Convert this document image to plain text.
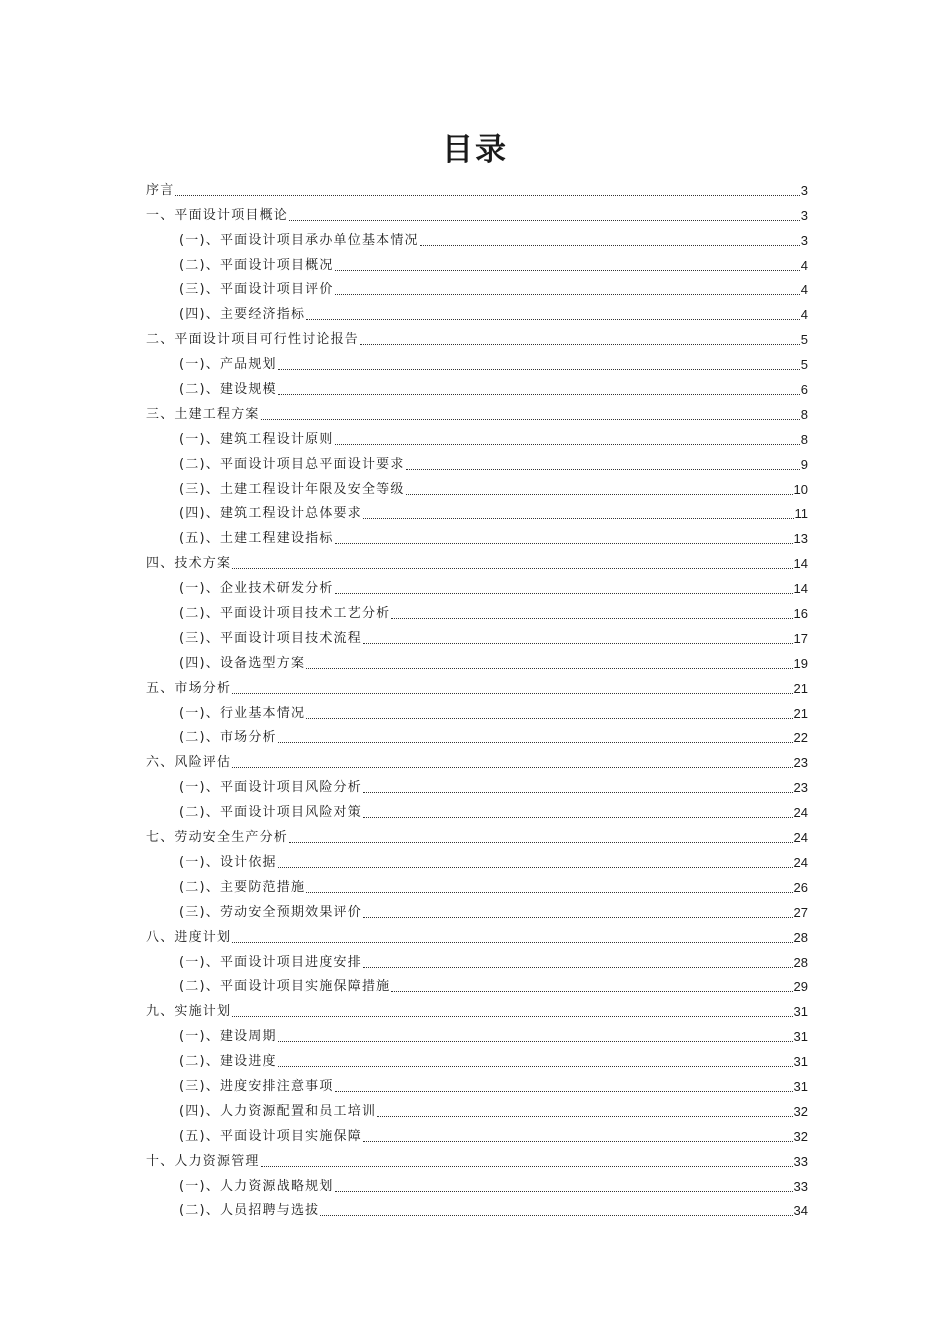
目录
序言	3
一、平面设计项目概论	3
(一)、平面设计项目承办单位基本情况	3
(二)、平面设计项目概况	4
(三)、平面设计项目评价	4
(四)、主要经济指标	4
二、平面设计项目可行性讨论报告	5
(一)、产品规划	5
(二)、建设规模	6
三、土建工程方案	8
(一)、建筑工程设计原则	8
(二)、平面设计项目总平面设计要求	9
(三)、土建工程设计年限及安全等级	10
(四)、建筑工程设计总体要求	11
(五)、土建工程建设指标	13
四、技术方案	14
(一)、企业技术研发分析	14
(二)、平面设计项目技术工艺分析	16
(三)、平面设计项目技术流程	17
(四)、设备选型方案	19
五、市场分析	21
(一)、行业基本情况	21
(二)、市场分析	22
六、风险评估	23
(一)、平面设计项目风险分析	23
(二)、平面设计项目风险对策	24
七、劳动安全生产分析	24
(一)、设计依据	24
(二)、主要防范措施	26
(三)、劳动安全预期效果评价	27
八、进度计划	28
(一)、平面设计项目进度安排	28
(二)、平面设计项目实施保障措施	29
九、实施计划	31
(一)、建设周期	31
(二)、建设进度	31
(三)、进度安排注意事项	31
(四)、人力资源配置和员工培训	32
(五)、平面设计项目实施保障	32
十、人力资源管理	33
(一)、人力资源战略规划	33
(二)、人员招聘与选拔	34
